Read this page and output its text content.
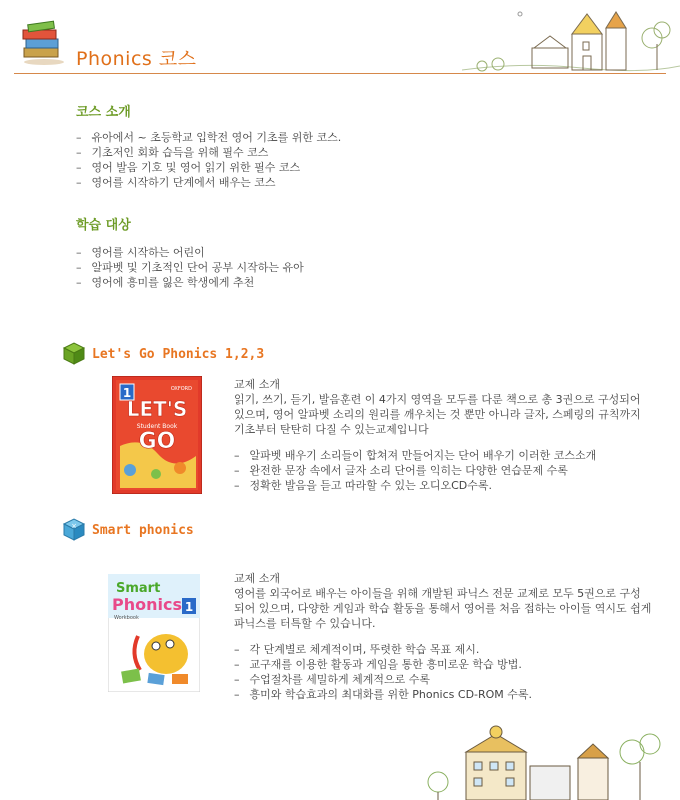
Phonics 코스
코스 소개
– 유아에서 ~ 초등학교 입학전 영어 기초를 위한 코스.
– 기초저인 회화 습득을 위해 필수 코스
– 영어 발음 기호 및 영어 읽기 위한 필수 코스
– 영어를 시작하기 단계에서 배우는 코스
학습 대상
– 영어를 시작하는 어린이
– 알파벳 및 기초적인 단어 공부 시작하는 유아
– 영어에 흥미를 잃은 학생에게 추천
Let's Go Phonics 1,2,3
1
LET'S
Student Book
GO
OXFORD	교제 소개
읽기, 쓰기, 듣기, 발음훈련 이 4가지 영역을 모두를 다룬 책으로 총 3권으로 구성되어 있으며, 영어 알파벳 소리의 원리를 깨우치는 것 뿐만 아니라 글자, 스페링의 규칙까지 기초부터 탄탄히 다질 수 있는교제입니다
– 알파벳 배우기 소리들이 합쳐져 만들어지는 단어 배우기 이러한 코스소개
– 완전한 문장 속에서 글자 소리 단어를 익히는 다양한 연습문제 수록
– 정확한 발음을 듣고 따라할 수 있는 오디오CD수록.
× Smart phonics
Smart
Phonics 1
Workbook
교제 소개
영어를 외국어로 배우는 아이들을 위해 개발된 파닉스 전문 교제로 모두 5권으로 구성 되어 있으며, 다양한 게임과 학습 활동을 통해서 영어를 처음 접하는 아이들 역시도 쉽게 파닉스를 터특할 수 있습니다.
– 각 단계별로 체계적이며, 뚜렷한 학습 목표 제시.
– 교구재를 이용한 활동과 게임을 통한 흥미로운 학습 방법.
– 수업절차를 세밀하게 체계적으로 수록
– 흥미와 학습효과의 최대화를 위한 Phonics CD-ROM 수록.
